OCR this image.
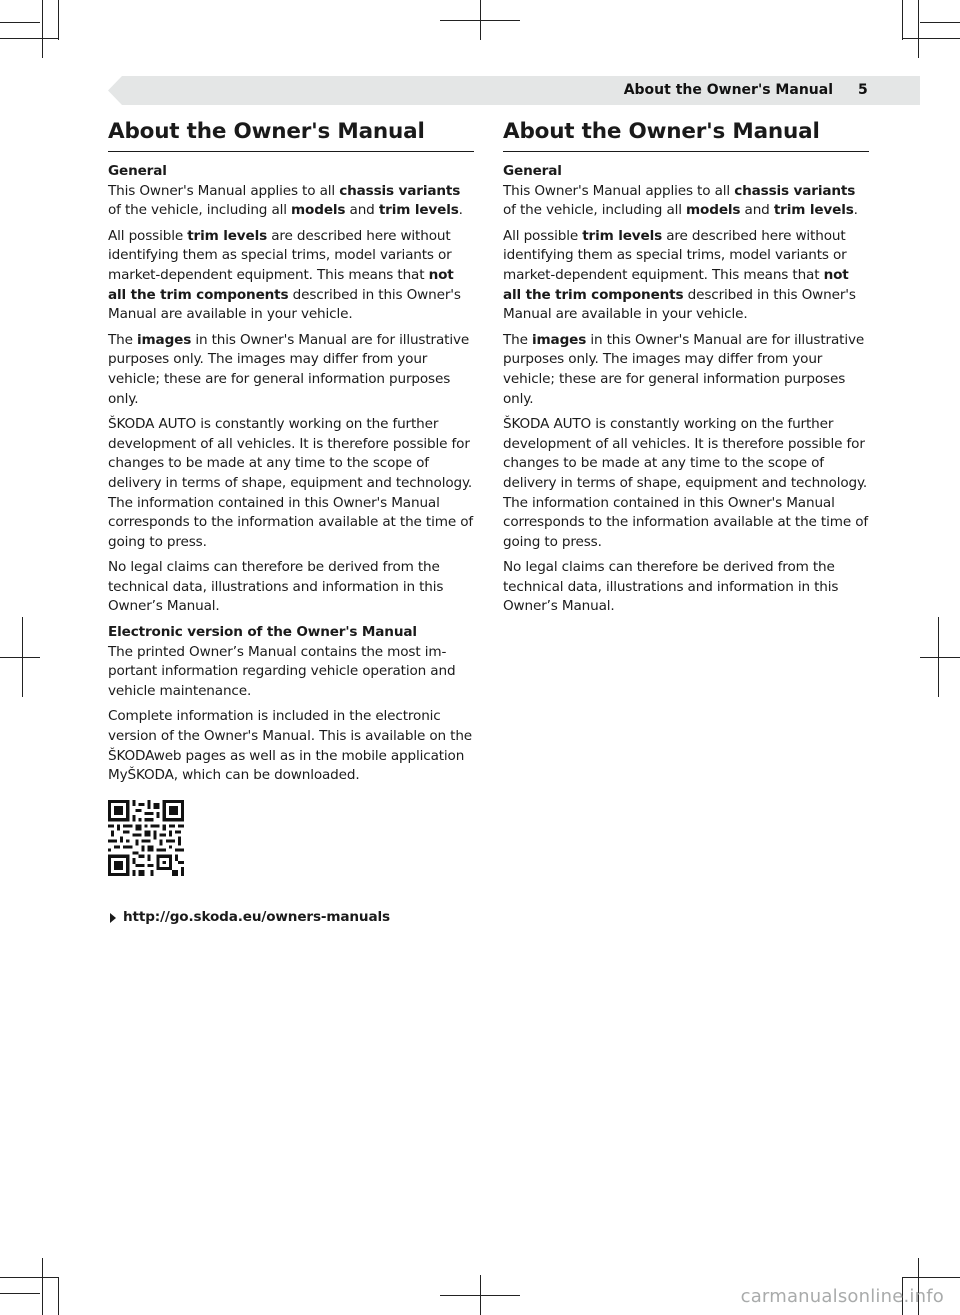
About the Owner's Manual 5
About the Owner's Manual

General
This Owner's Manual applies to all chassis variants of the vehicle, including all models and trim levels.

All possible trim levels are described here without identifying them as special trims, model variants or market-dependent equipment. This means that not all the trim components described in this Owner's Manual are available in your vehicle.

The images in this Owner's Manual are for illustrative purposes only. The images may differ from your vehicle; these are for general information purposes only.

ŠKODA AUTO is constantly working on the further development of all vehicles. It is therefore possible for changes to be made at any time to the scope of delivery in terms of shape, equipment and technology. The information contained in this Owner's Manual corresponds to the information available at the time of going to press.

No legal claims can therefore be derived from the technical data, illustrations and information in this Owner’s Manual.

Electronic version of the Owner's Manual
The printed Owner’s Manual contains the most important information regarding vehicle operation and vehicle maintenance.

Complete information is included in the electronic version of the Owner's Manual. This is available on the ŠKODAweb pages as well as in the mobile application MyŠKODA, which can be downloaded.

http://go.skoda.eu/owners-manuals
About the Owner's Manual

General
This Owner's Manual applies to all chassis variants of the vehicle, including all models and trim levels.

All possible trim levels are described here without identifying them as special trims, model variants or market-dependent equipment. This means that not all the trim components described in this Owner's Manual are available in your vehicle.

The images in this Owner's Manual are for illustrative purposes only. The images may differ from your vehicle; these are for general information purposes only.

ŠKODA AUTO is constantly working on the further development of all vehicles. It is therefore possible for changes to be made at any time to the scope of delivery in terms of shape, equipment and technology. The information contained in this Owner's Manual corresponds to the information available at the time of going to press.

No legal claims can therefore be derived from the technical data, illustrations and information in this Owner’s Manual.

carmanualsonline.info
